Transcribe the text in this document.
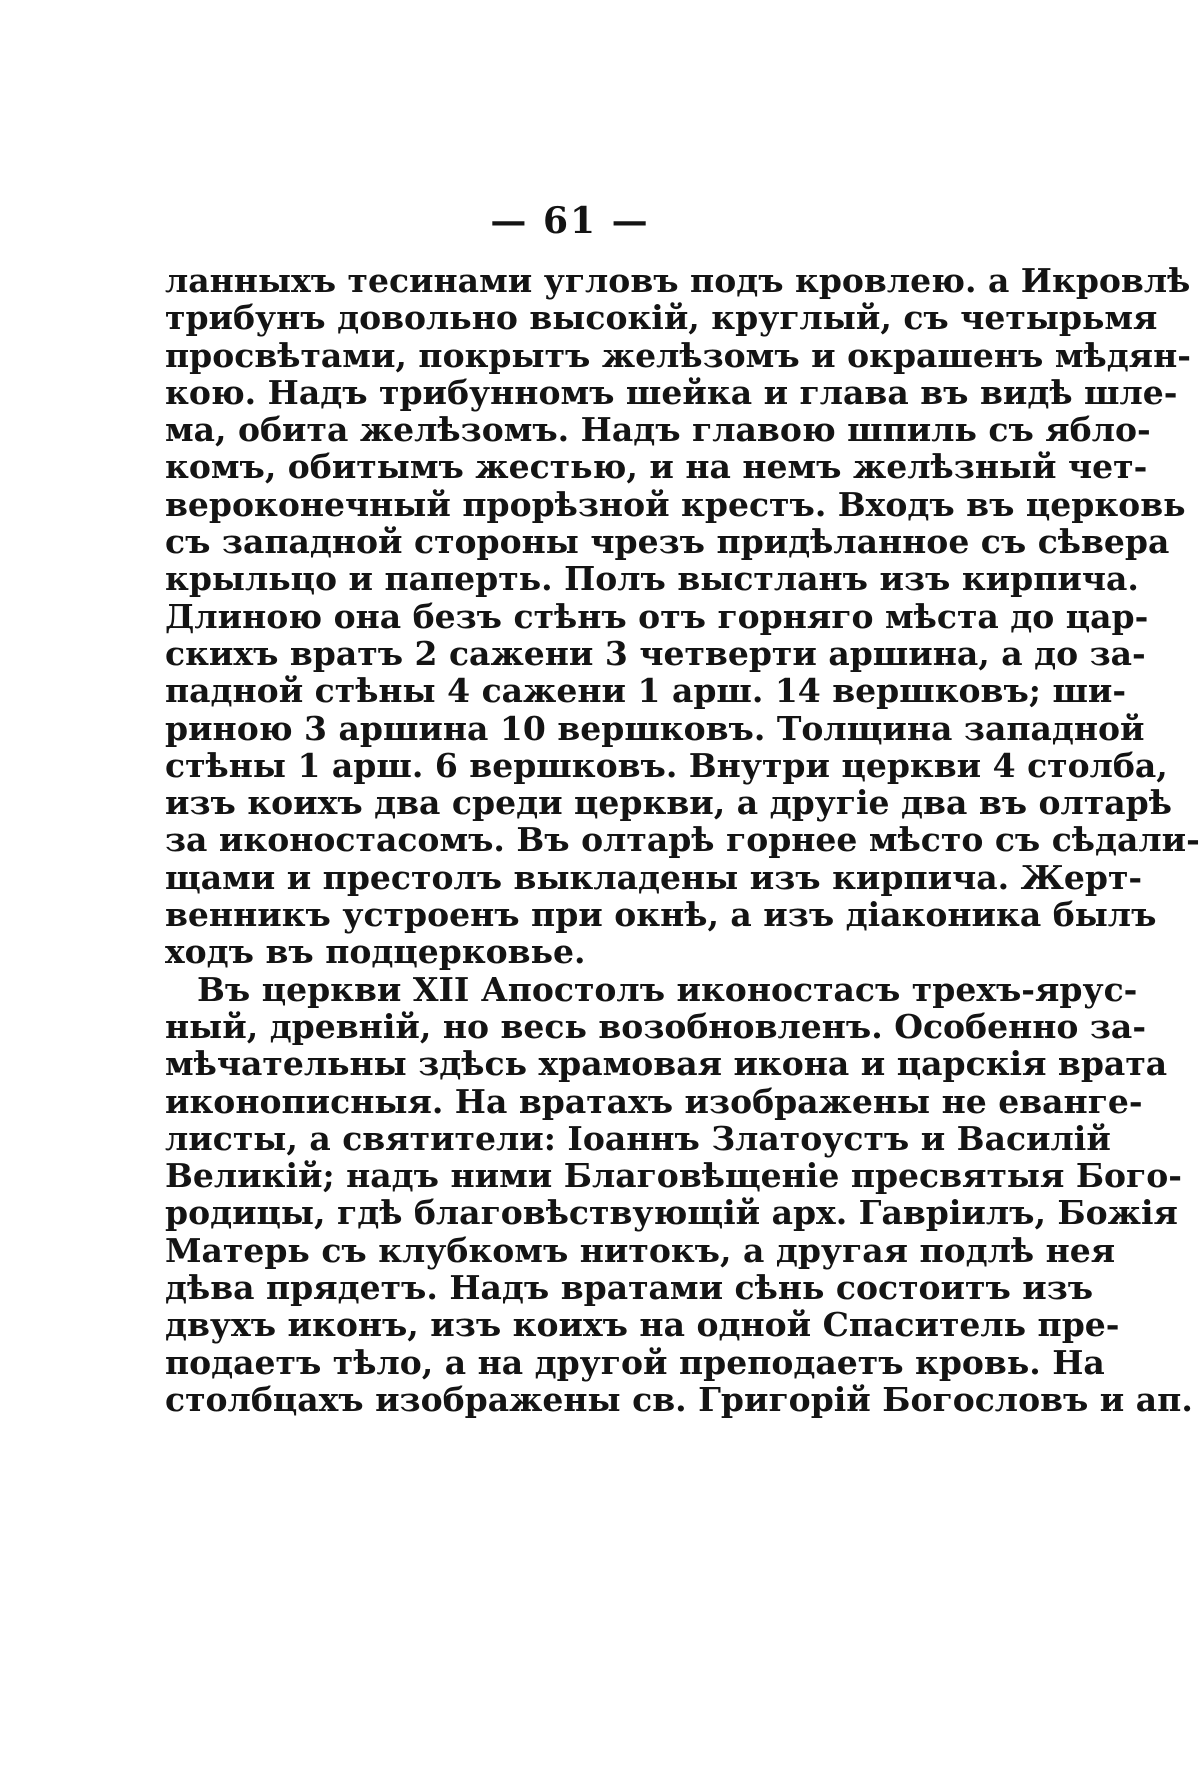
— 61 —
ланныхъ тесинами угловъ подъ кровлею. а Икровлѣ
трибунъ довольно высокій, круглый, съ четырьмя
просвѣтами, покрытъ желѣзомъ и окрашенъ мѣдян-
кою. Надъ трибунномъ шейка и глава въ видѣ шле-
ма, обита желѣзомъ. Надъ главою шпиль съ ябло-
комъ, обитымъ жестью, и на немъ желѣзный чет-
вероконечный прорѣзной крестъ. Входъ въ церковь
съ западной стороны чрезъ придѣланное съ сѣвера
крыльцо и паперть. Полъ выстланъ изъ кирпича.
Длиною она безъ стѣнъ отъ горняго мѣста до цар-
скихъ вратъ 2 сажени 3 четверти аршина, а до за-
падной стѣны 4 сажени 1 арш. 14 вершковъ; ши-
риною 3 аршина 10 вершковъ. Толщина западной
стѣны 1 арш. 6 вершковъ. Внутри церкви 4 столба,
изъ коихъ два среди церкви, а другіе два въ олтарѣ
за иконостасомъ. Въ олтарѣ горнее мѣсто съ сѣдали-
щами и престолъ выкладены изъ кирпича. Жерт-
венникъ устроенъ при окнѣ, а изъ діаконика былъ
ходъ въ подцерковье.
Въ церкви XII Апостолъ иконостасъ трехъ-ярус-
ный, древній, но весь возобновленъ. Особенно за-
мѣчательны здѣсь храмовая икона и царскія врата
иконописныя. На вратахъ изображены не еванге-
листы, а святители: Іоаннъ Златоустъ и Василій
Великій; надъ ними Благовѣщеніе пресвятыя Бого-
родицы, гдѣ благовѣствующій арх. Гавріилъ, Божія
Матерь съ клубкомъ нитокъ, а другая подлѣ нея
дѣва прядетъ. Надъ вратами сѣнь состоитъ изъ
двухъ иконъ, изъ коихъ на одной Спаситель пре-
подаетъ тѣло, а на другой преподаетъ кровь. На
столбцахъ изображены св. Григорій Богословъ и ап.
